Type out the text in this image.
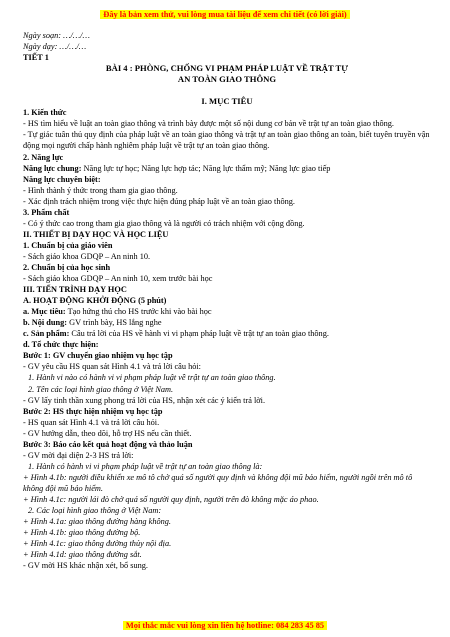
Đây là bản xem thử, vui lòng mua tài liệu để xem chi tiết (có lời giải)
Ngày soạn: …/…/…
Ngày dạy: …/…/…
TIẾT 1
BÀI 4 : PHÒNG, CHỐNG VI PHẠM PHÁP LUẬT VỀ TRẬT TỰ
AN TOÀN GIAO THÔNG

I. MỤC TIÊU
1. Kiến thức
- HS tìm hiểu về luật an toàn giao thông và trình bày được một số nội dung cơ bản về trật tự an toàn giao thông.
- Tự giác tuân thủ quy định của pháp luật về an toàn giao thông và trật tự an toàn giao thông an toàn, biết tuyên truyền vận động mọi người chấp hành nghiêm pháp luật về trật tự an toàn giao thông.
2. Năng lực
Năng lực chung: Năng lực tự học; Năng lực hợp tác; Năng lực thẩm mỹ; Năng lực giao tiếp
Năng lực chuyên biệt:
- Hình thành ý thức trong tham gia giao thông.
- Xác định trách nhiệm trong việc thực hiện đúng pháp luật về an toàn giao thông.
3. Phẩm chất
- Có ý thức cao trong tham gia giao thông và là người có trách nhiệm với cộng đồng.
II. THIẾT BỊ DẠY HỌC VÀ HỌC LIỆU
1. Chuẩn bị của giáo viên
- Sách giáo khoa GDQP – An ninh 10.
2. Chuẩn bị của học sinh
- Sách giáo khoa GDQP – An ninh 10, xem trước bài học
III. TIẾN TRÌNH DẠY HỌC
A. HOẠT ĐỘNG KHỞI ĐỘNG (5 phút)
a. Mục tiêu: Tạo hứng thú cho HS trước khi vào bài học
b. Nội dung: GV trình bày, HS lắng nghe
c. Sản phẩm: Câu trả lời của HS về hành vi vi phạm pháp luật về trật tự an toàn giao thông.
d. Tổ chức thực hiện:
Bước 1: GV chuyển giao nhiệm vụ học tập
- GV yêu cầu HS quan sát Hình 4.1 và trả lời câu hỏi:
1. Hành vi nào có hành vi vi phạm pháp luật về trật tự an toàn giao thông.
2. Tên các loại hình giao thông ở Việt Nam.
- GV lấy tinh thần xung phong trả lời của HS, nhận xét các ý kiến trả lời.
Bước 2: HS thực hiện nhiệm vụ học tập
- HS quan sát Hình 4.1 và trả lời câu hỏi.
- GV hướng dẫn, theo dõi, hỗ trợ HS nếu cần thiết.
Bước 3: Báo cáo kết quả hoạt động và thảo luận
- GV mời đại diện 2-3 HS trả lời:
1. Hành có hành vi vi phạm pháp luật về trật tự an toàn giao thông là:
+ Hình 4.1b: người điều khiển xe mô tô chở quá số người quy định và không đội mũ bảo hiểm, người ngồi trên mô tô không đội mũ bảo hiểm.
+ Hình 4.1c: người lái đò chở quá số người quy định, người trên đò không mặc áo phao.
2. Các loại hình giao thông ở Việt Nam:
+ Hình 4.1a: giao thông đường hàng không.
+ Hình 4.1b: giao thông đường bộ.
+ Hình 4.1c: giao thông đường thủy nội địa.
+ Hình 4.1d: giao thông đường sắt.
- GV mời HS khác nhận xét, bổ sung.
Mọi thắc mắc vui lòng xin liên hệ hotline: 084 283 45 85
